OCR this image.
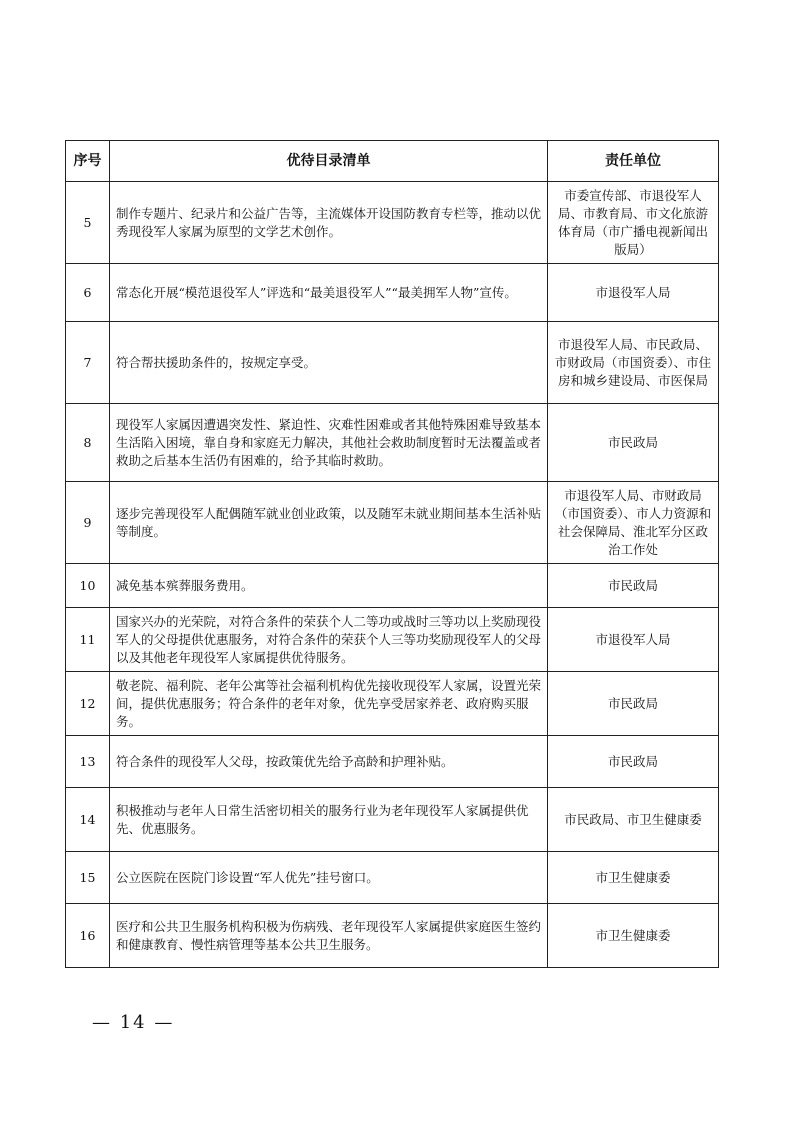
序号	优待目录清单	责任单位
5	制作专题片、纪录片和公益广告等，主流媒体开设国防教育专栏等，推动以优秀现役军人家属为原型的文学艺术创作。	市委宣传部、市退役军人局、市教育局、市文化旅游体育局（市广播电视新闻出版局）
6	常态化开展“模范退役军人”评选和“最美退役军人”“最美拥军人物”宣传。	市退役军人局
7	符合帮扶援助条件的，按规定享受。	市退役军人局、市民政局、市财政局（市国资委）、市住房和城乡建设局、市医保局
8	现役军人家属因遭遇突发性、紧迫性、灾难性困难或者其他特殊困难导致基本生活陷入困境，靠自身和家庭无力解决，其他社会救助制度暂时无法覆盖或者救助之后基本生活仍有困难的，给予其临时救助。	市民政局
9	逐步完善现役军人配偶随军就业创业政策，以及随军未就业期间基本生活补贴等制度。	市退役军人局、市财政局（市国资委）、市人力资源和社会保障局、淮北军分区政治工作处
10	减免基本殡葬服务费用。	市民政局
11	国家兴办的光荣院，对符合条件的荣获个人二等功或战时三等功以上奖励现役军人的父母提供优惠服务，对符合条件的荣获个人三等功奖励现役军人的父母以及其他老年现役军人家属提供优待服务。	市退役军人局
12	敬老院、福利院、老年公寓等社会福利机构优先接收现役军人家属，设置光荣间，提供优惠服务；符合条件的老年对象，优先享受居家养老、政府购买服务。	市民政局
13	符合条件的现役军人父母，按政策优先给予高龄和护理补贴。	市民政局
14	积极推动与老年人日常生活密切相关的服务行业为老年现役军人家属提供优先、优惠服务。	市民政局、市卫生健康委
15	公立医院在医院门诊设置“军人优先”挂号窗口。	市卫生健康委
16	医疗和公共卫生服务机构积极为伤病残、老年现役军人家属提供家庭医生签约和健康教育、慢性病管理等基本公共卫生服务。	市卫生健康委
— 14 —
